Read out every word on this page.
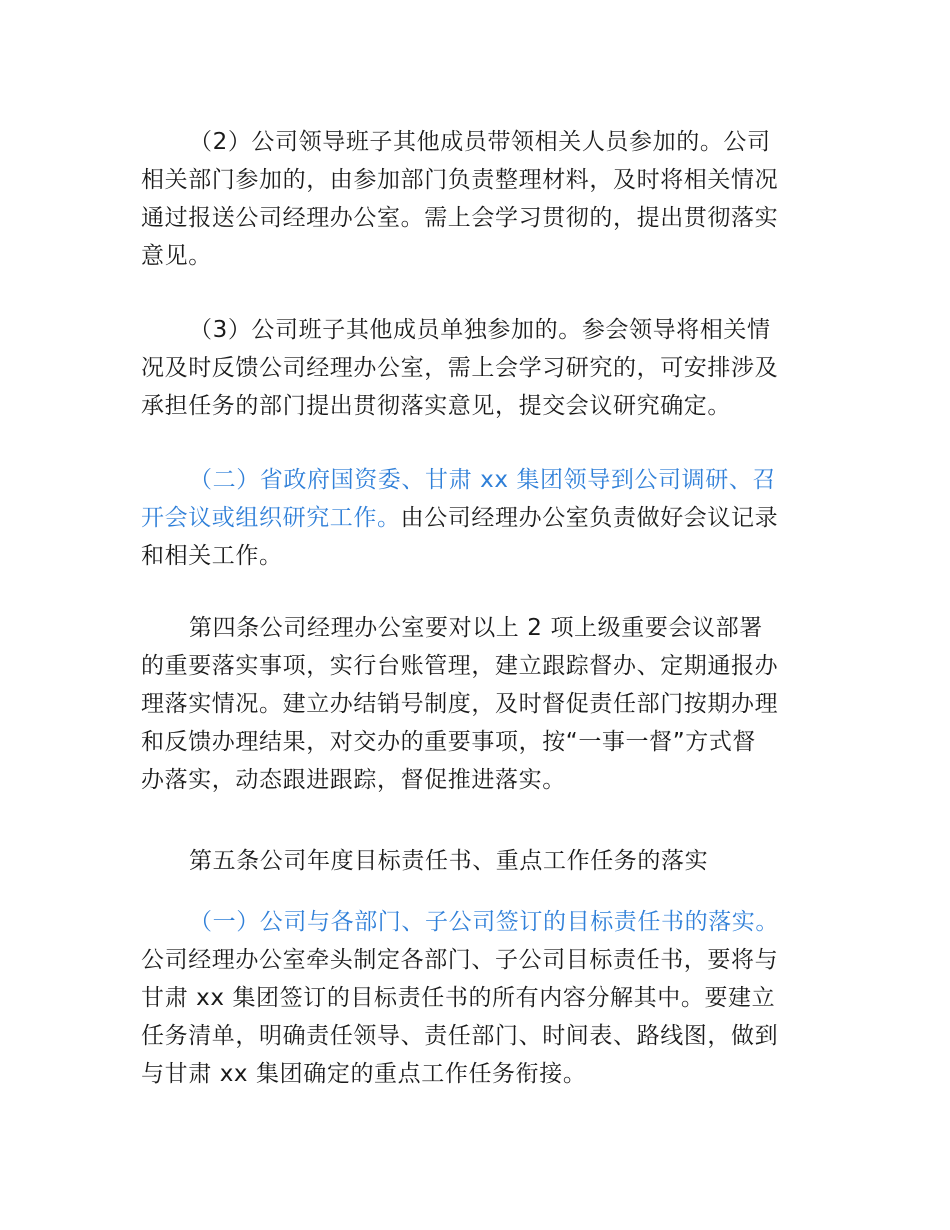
（2）公司领导班子其他成员带领相关人员参加的。公司
相关部门参加的，由参加部门负责整理材料，及时将相关情况
通过报送公司经理办公室。需上会学习贯彻的，提出贯彻落实
意见。

（3）公司班子其他成员单独参加的。参会领导将相关情
况及时反馈公司经理办公室，需上会学习研究的，可安排涉及
承担任务的部门提出贯彻落实意见，提交会议研究确定。

（二）省政府国资委、甘肃 xx 集团领导到公司调研、召
开会议或组织研究工作。由公司经理办公室负责做好会议记录
和相关工作。

第四条公司经理办公室要对以上 2 项上级重要会议部署
的重要落实事项，实行台账管理，建立跟踪督办、定期通报办
理落实情况。建立办结销号制度，及时督促责任部门按期办理
和反馈办理结果，对交办的重要事项，按“一事一督”方式督
办落实，动态跟进跟踪，督促推进落实。

第五条公司年度目标责任书、重点工作任务的落实

（一）公司与各部门、子公司签订的目标责任书的落实。
公司经理办公室牵头制定各部门、子公司目标责任书，要将与
甘肃 xx 集团签订的目标责任书的所有内容分解其中。要建立
任务清单，明确责任领导、责任部门、时间表、路线图，做到
与甘肃 xx 集团确定的重点工作任务衔接。
